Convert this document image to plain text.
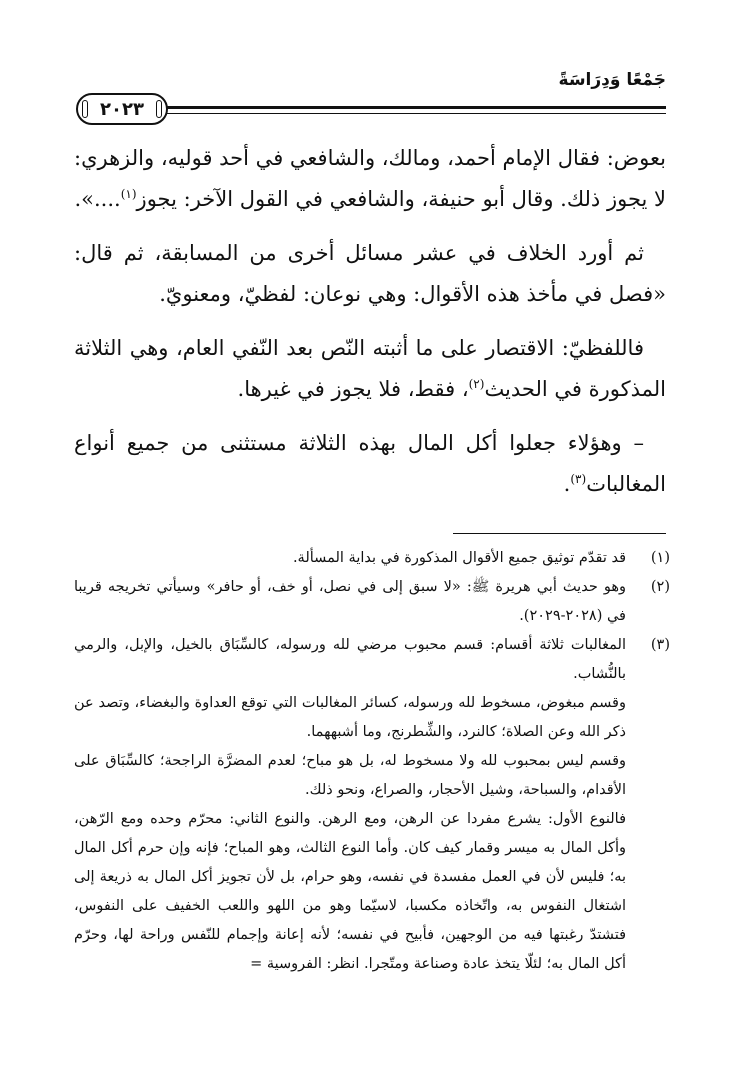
جَمْعًا وَدِرَاسَةً
٢٠٢٣

بعوض: فقال الإمام أحمد، ومالك، والشافعي في أحد قوليه، والزهري: لا يجوز ذلك. وقال أبو حنيفة، والشافعي في القول الآخر: يجوز$^{(١)}$....».

ثم أورد الخلاف في عشر مسائل أخرى من المسابقة، ثم قال: «فصل في مأخذ هذه الأقوال: وهي نوعان: لفظيّ، ومعنويّ.

فاللفظيّ: الاقتصار على ما أثبته النّص بعد النّفي العام، وهي الثلاثة المذكورة في الحديث$^{(٢)}$، فقط، فلا يجوز في غيرها.

– وهؤلاء جعلوا أكل المال بهذه الثلاثة مستثنى من جميع أنواع المغالبات$^{(٣)}$.

(١)

قد تقدّم توثيق جميع الأقوال المذكورة في بداية المسألة.

(٢)

وهو حديث أبي هريرة ﷺ: «لا سبق إلى في نصل، أو خف، أو حافر» وسيأتي تخريجه قريبا في (٢٠٢٨-٢٠٢٩).

(٣)

المغالبات ثلاثة أقسام: قسم محبوب مرضي لله ورسوله، كالسِّبَاق بالخيل، والإبل، والرمي بالنُّشاب.

وقسم مبغوض، مسخوط لله ورسوله، كسائر المغالبات التي توقع العداوة والبغضاء، وتصد عن ذكر الله وعن الصلاة؛ كالنرد، والشِّطرنج، وما أشبههما.

وقسم ليس بمحبوب لله ولا مسخوط له، بل هو مباح؛ لعدم المضرَّة الراجحة؛ كالسِّبَاق على الأقدام، والسباحة، وشيل الأحجار، والصراع، ونحو ذلك.

فالنوع الأول: يشرع مفردا عن الرهن، ومع الرهن. والنوع الثاني: محرّم وحده ومع الرّهن، وأكل المال به ميسر وقمار كيف كان. وأما النوع الثالث، وهو المباح؛ فإنه وإن حرم أكل المال به؛ فليس لأن في العمل مفسدة في نفسه، وهو حرام، بل لأن تجويز أكل المال به ذريعة إلى اشتغال النفوس به، واتّخاذه مكسبا، لاسيّما وهو من اللهو واللعب الخفيف على النفوس، فتشتدّ رغبتها فيه من الوجهين، فأبيح في نفسه؛ لأنه إعانة وإجمام للنّفس وراحة لها، وحرّم أكل المال به؛ لئلّا يتخذ عادة وصناعة ومتّجرا. انظر: الفروسية =
